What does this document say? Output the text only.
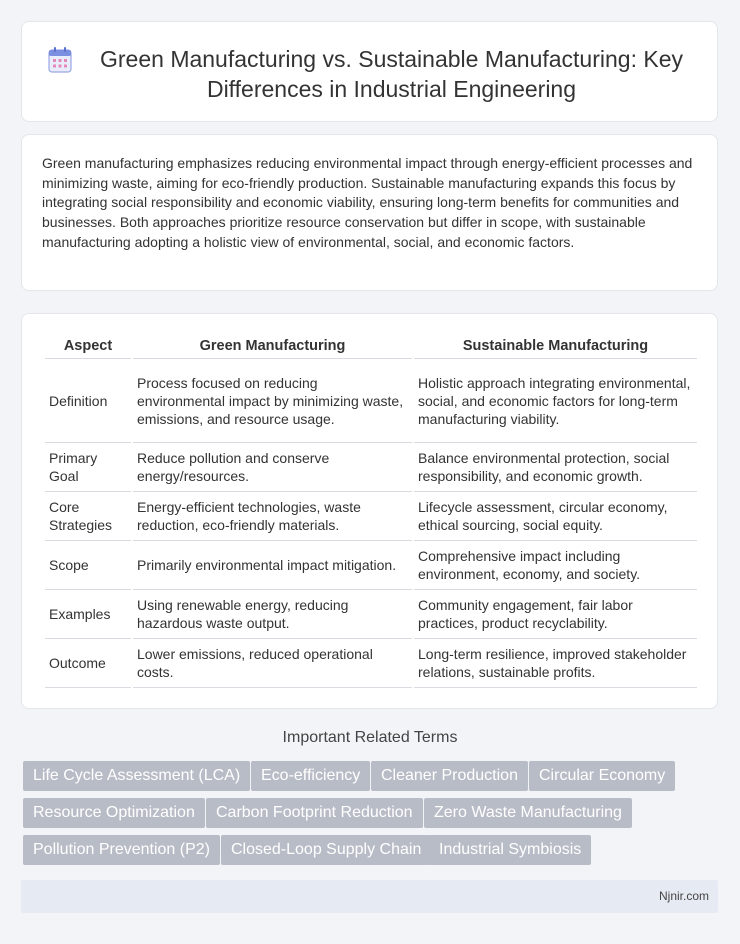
Green Manufacturing vs. Sustainable Manufacturing: Key Differences in Industrial Engineering

Green manufacturing emphasizes reducing environmental impact through energy-efficient processes and minimizing waste, aiming for eco-friendly production. Sustainable manufacturing expands this focus by integrating social responsibility and economic viability, ensuring long-term benefits for communities and businesses. Both approaches prioritize resource conservation but differ in scope, with sustainable manufacturing adopting a holistic view of environmental, social, and economic factors.

Aspect	Green Manufacturing	Sustainable Manufacturing
Definition	Process focused on reducing environmental impact by minimizing waste, emissions, and resource usage.	Holistic approach integrating environmental, social, and economic factors for long-term manufacturing viability.
Primary Goal	Reduce pollution and conserve energy/resources.	Balance environmental protection, social responsibility, and economic growth.
Core Strategies	Energy-efficient technologies, waste reduction, eco-friendly materials.	Lifecycle assessment, circular economy, ethical sourcing, social equity.
Scope	Primarily environmental impact mitigation.	Comprehensive impact including environment, economy, and society.
Examples	Using renewable energy, reducing hazardous waste output.	Community engagement, fair labor practices, product recyclability.
Outcome	Lower emissions, reduced operational costs.	Long-term resilience, improved stakeholder relations, sustainable profits.
Important Related Terms
Life Cycle Assessment (LCA)	Eco-efficiency	Cleaner Production	Circular Economy
Resource Optimization	Carbon Footprint Reduction	Zero Waste Manufacturing
Pollution Prevention (P2)	Closed-Loop Supply Chain	Industrial Symbiosis
Njnir.com
